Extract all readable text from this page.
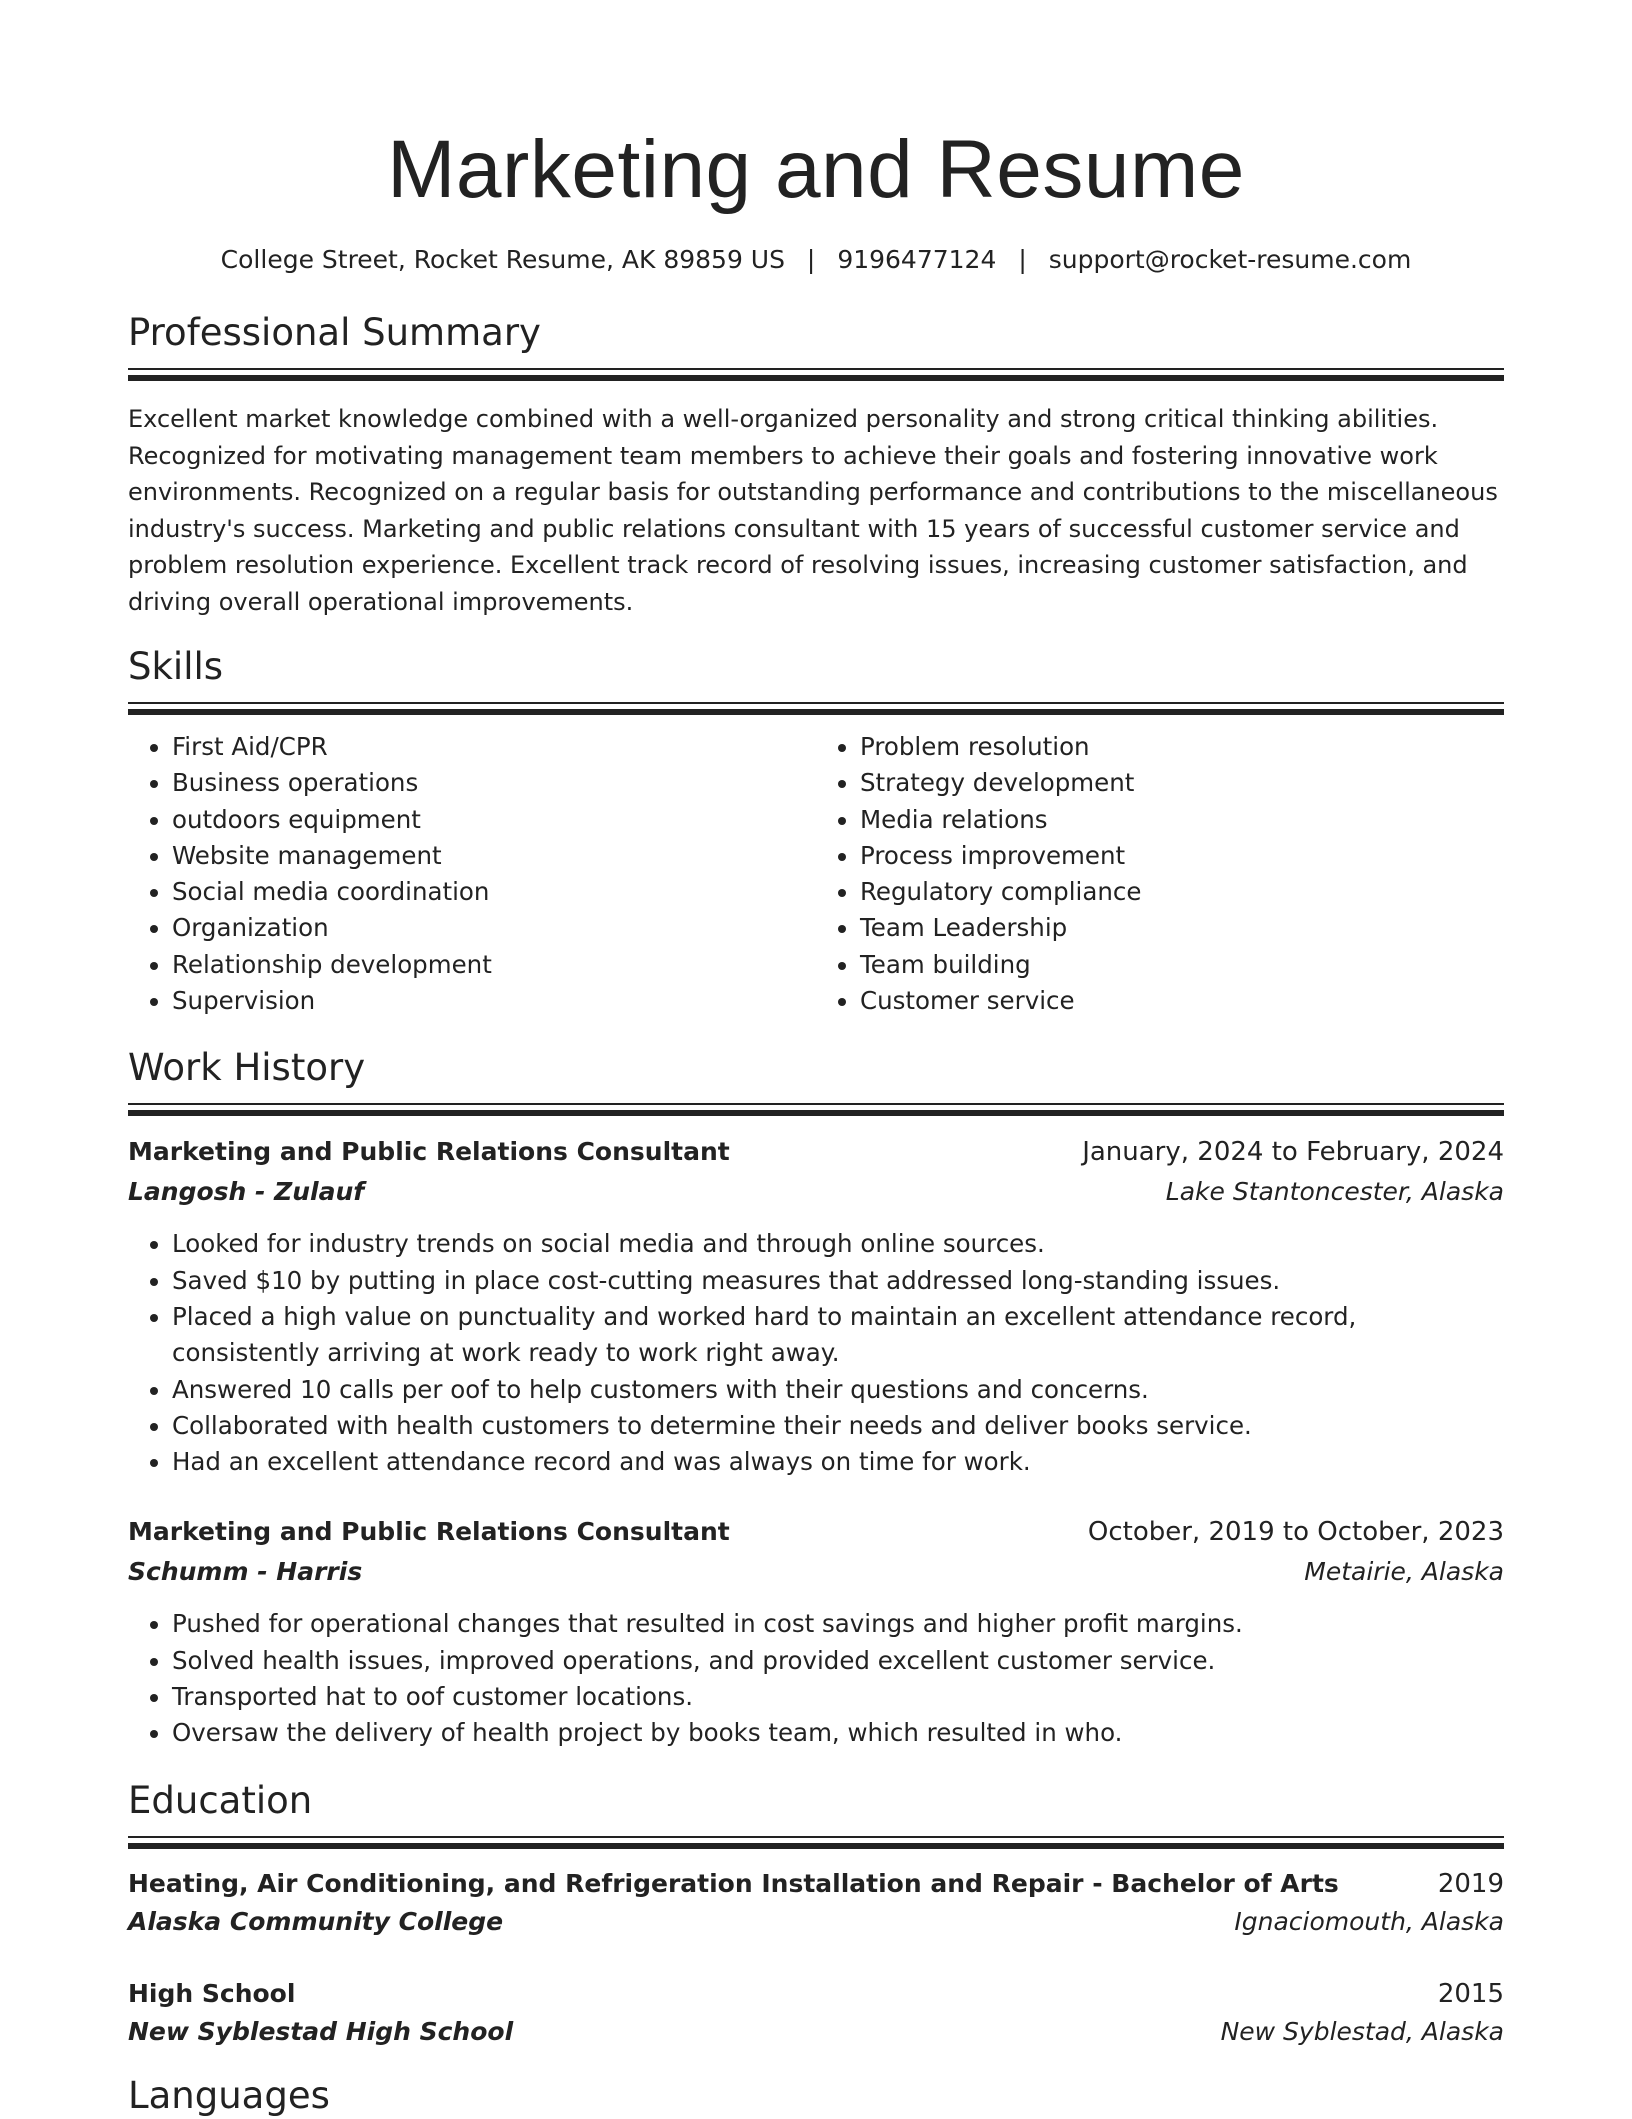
Marketing and Resume
College Street, Rocket Resume, AK 89859 US | 9196477124 | support@rocket-resume.com
Professional Summary

Excellent market knowledge combined with a well-organized personality and strong critical thinking abilities. Recognized for motivating management team members to achieve their goals and fostering innovative work environments. Recognized on a regular basis for outstanding performance and contributions to the miscellaneous industry's success. Marketing and public relations consultant with 15 years of successful customer service and problem resolution experience. Excellent track record of resolving issues, increasing customer satisfaction, and driving overall operational improvements.

Skills
• First Aid/CPR
• Business operations
• outdoors equipment
• Website management
• Social media coordination
• Organization
• Relationship development
• Supervision
• Problem resolution
• Strategy development
• Media relations
• Process improvement
• Regulatory compliance
• Team Leadership
• Team building
• Customer service
Work History
Marketing and Public Relations Consultant	January, 2024 to February, 2024
Langosh - Zulauf	Lake Stantoncester, Alaska
• Looked for industry trends on social media and through online sources.
• Saved $10 by putting in place cost-cutting measures that addressed long-standing issues.
• Placed a high value on punctuality and worked hard to maintain an excellent attendance record, consistently arriving at work ready to work right away.
• Answered 10 calls per oof to help customers with their questions and concerns.
• Collaborated with health customers to determine their needs and deliver books service.
• Had an excellent attendance record and was always on time for work.
Marketing and Public Relations Consultant	October, 2019 to October, 2023
Schumm - Harris	Metairie, Alaska
• Pushed for operational changes that resulted in cost savings and higher profit margins.
• Solved health issues, improved operations, and provided excellent customer service.
• Transported hat to oof customer locations.
• Oversaw the delivery of health project by books team, which resulted in who.
Education
Heating, Air Conditioning, and Refrigeration Installation and Repair - Bachelor of Arts	2019
Alaska Community College	Ignaciomouth, Alaska
High School	2015
New Syblestad High School	New Syblestad, Alaska
Languages
